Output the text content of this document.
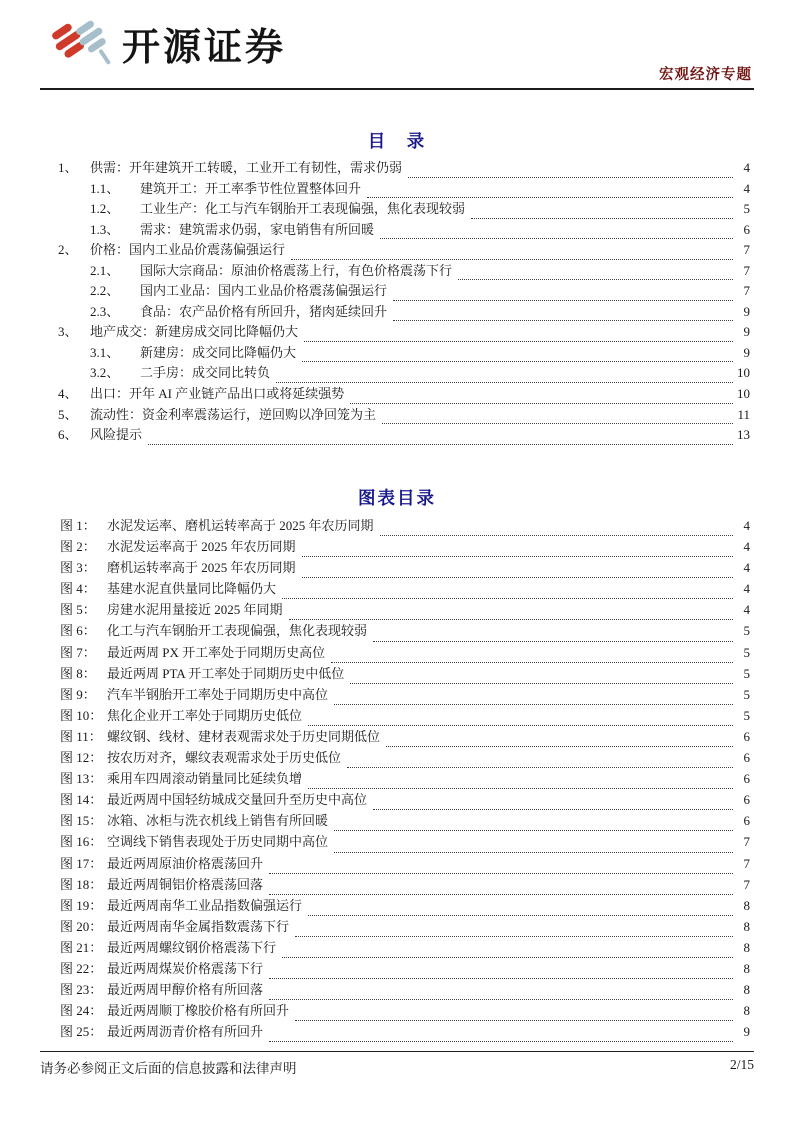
开源证券
宏观经济专题
目　录
1、 供需：开年建筑开工转暖，工业开工有韧性，需求仍弱	4
1.1、	建筑开工：开工率季节性位置整体回升	4
1.2、	工业生产：化工与汽车钢胎开工表现偏强，焦化表现较弱	5
1.3、	需求：建筑需求仍弱，家电销售有所回暖	6
2、 价格：国内工业品价震荡偏强运行	7
2.1、	国际大宗商品：原油价格震荡上行，有色价格震荡下行	7
2.2、	国内工业品：国内工业品价格震荡偏强运行	7
2.3、	食品：农产品价格有所回升，猪肉延续回升	9
3、 地产成交：新建房成交同比降幅仍大	9
3.1、	新建房：成交同比降幅仍大	9
3.2、	二手房：成交同比转负	10
4、 出口：开年 AI 产业链产品出口或将延续强势	10
5、 流动性：资金利率震荡运行，逆回购以净回笼为主	11
6、 风险提示	13
图表目录
图 1： 水泥发运率、磨机运转率高于 2025 年农历同期	4
图 2： 水泥发运率高于 2025 年农历同期	4
图 3： 磨机运转率高于 2025 年农历同期	4
图 4： 基建水泥直供量同比降幅仍大	4
图 5： 房建水泥用量接近 2025 年同期	4
图 6： 化工与汽车钢胎开工表现偏强，焦化表现较弱	5
图 7： 最近两周 PX 开工率处于同期历史高位	5
图 8： 最近两周 PTA 开工率处于同期历史中低位	5
图 9： 汽车半钢胎开工率处于同期历史中高位	5
图 10： 焦化企业开工率处于同期历史低位	5
图 11： 螺纹钢、线材、建材表观需求处于历史同期低位	6
图 12： 按农历对齐，螺纹表观需求处于历史低位	6
图 13： 乘用车四周滚动销量同比延续负增	6
图 14： 最近两周中国轻纺城成交量回升至历史中高位	6
图 15： 冰箱、冰柜与洗衣机线上销售有所回暖	6
图 16： 空调线下销售表现处于历史同期中高位	7
图 17： 最近两周原油价格震荡回升	7
图 18： 最近两周铜铝价格震荡回落	7
图 19： 最近两周南华工业品指数偏强运行	8
图 20： 最近两周南华金属指数震荡下行	8
图 21： 最近两周螺纹钢价格震荡下行	8
图 22： 最近两周煤炭价格震荡下行	8
图 23： 最近两周甲醇价格有所回落	8
图 24： 最近两周顺丁橡胶价格有所回升	8
图 25： 最近两周沥青价格有所回升	9
请务必参阅正文后面的信息披露和法律声明	2/15
